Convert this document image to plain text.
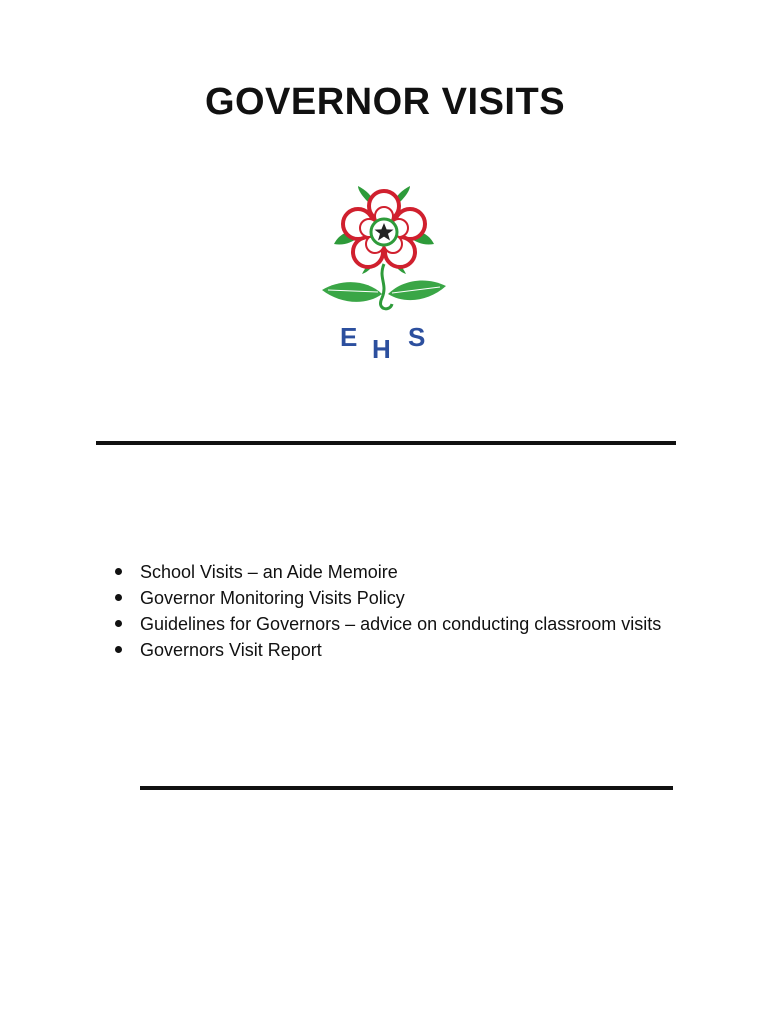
GOVERNOR VISITS
E H S
School Visits – an Aide Memoire
Governor Monitoring Visits Policy
Guidelines for Governors – advice on conducting classroom visits
Governors Visit Report
